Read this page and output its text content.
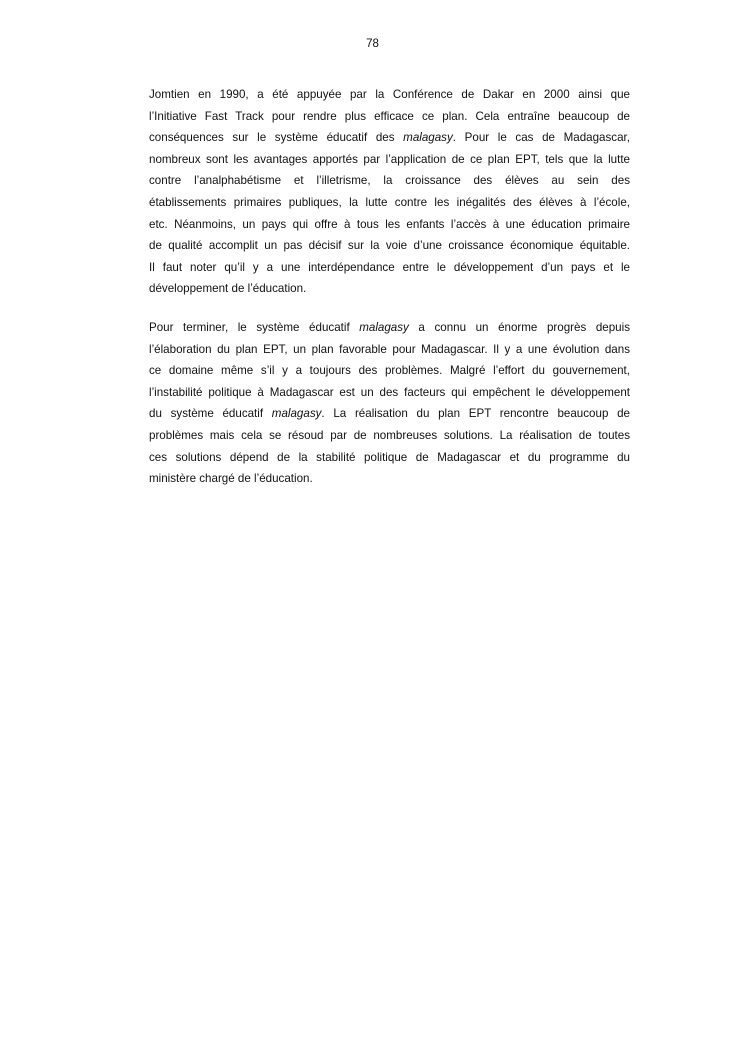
78
Jomtien en 1990, a été appuyée par la Conférence de Dakar en 2000 ainsi que
l’Initiative Fast Track pour rendre plus efficace ce plan. Cela entraîne beaucoup de
conséquences sur le système éducatif des malagasy. Pour le cas de Madagascar,
nombreux sont les avantages apportés par l’application de ce plan EPT, tels que la lutte
contre l’analphabétisme et l’illetrisme, la croissance des élèves au sein des
établissements primaires publiques, la lutte contre les inégalités des élèves à l’école,
etc. Néanmoins, un pays qui offre à tous les enfants l’accès à une éducation primaire
de qualité accomplit un pas décisif sur la voie d’une croissance économique équitable.
Il faut noter qu’il y a une interdépendance entre le développement d’un pays et le
développement de l’éducation.
Pour terminer, le système éducatif malagasy a connu un énorme progrès depuis
l’élaboration du plan EPT, un plan favorable pour Madagascar. Il y a une évolution dans
ce domaine même s’il y a toujours des problèmes. Malgré l’effort du gouvernement,
l’instabilité politique à Madagascar est un des facteurs qui empêchent le développement
du système éducatif malagasy. La réalisation du plan EPT rencontre beaucoup de
problèmes mais cela se résoud par de nombreuses solutions. La réalisation de toutes
ces solutions dépend de la stabilité politique de Madagascar et du programme du
ministère chargé de l’éducation.
